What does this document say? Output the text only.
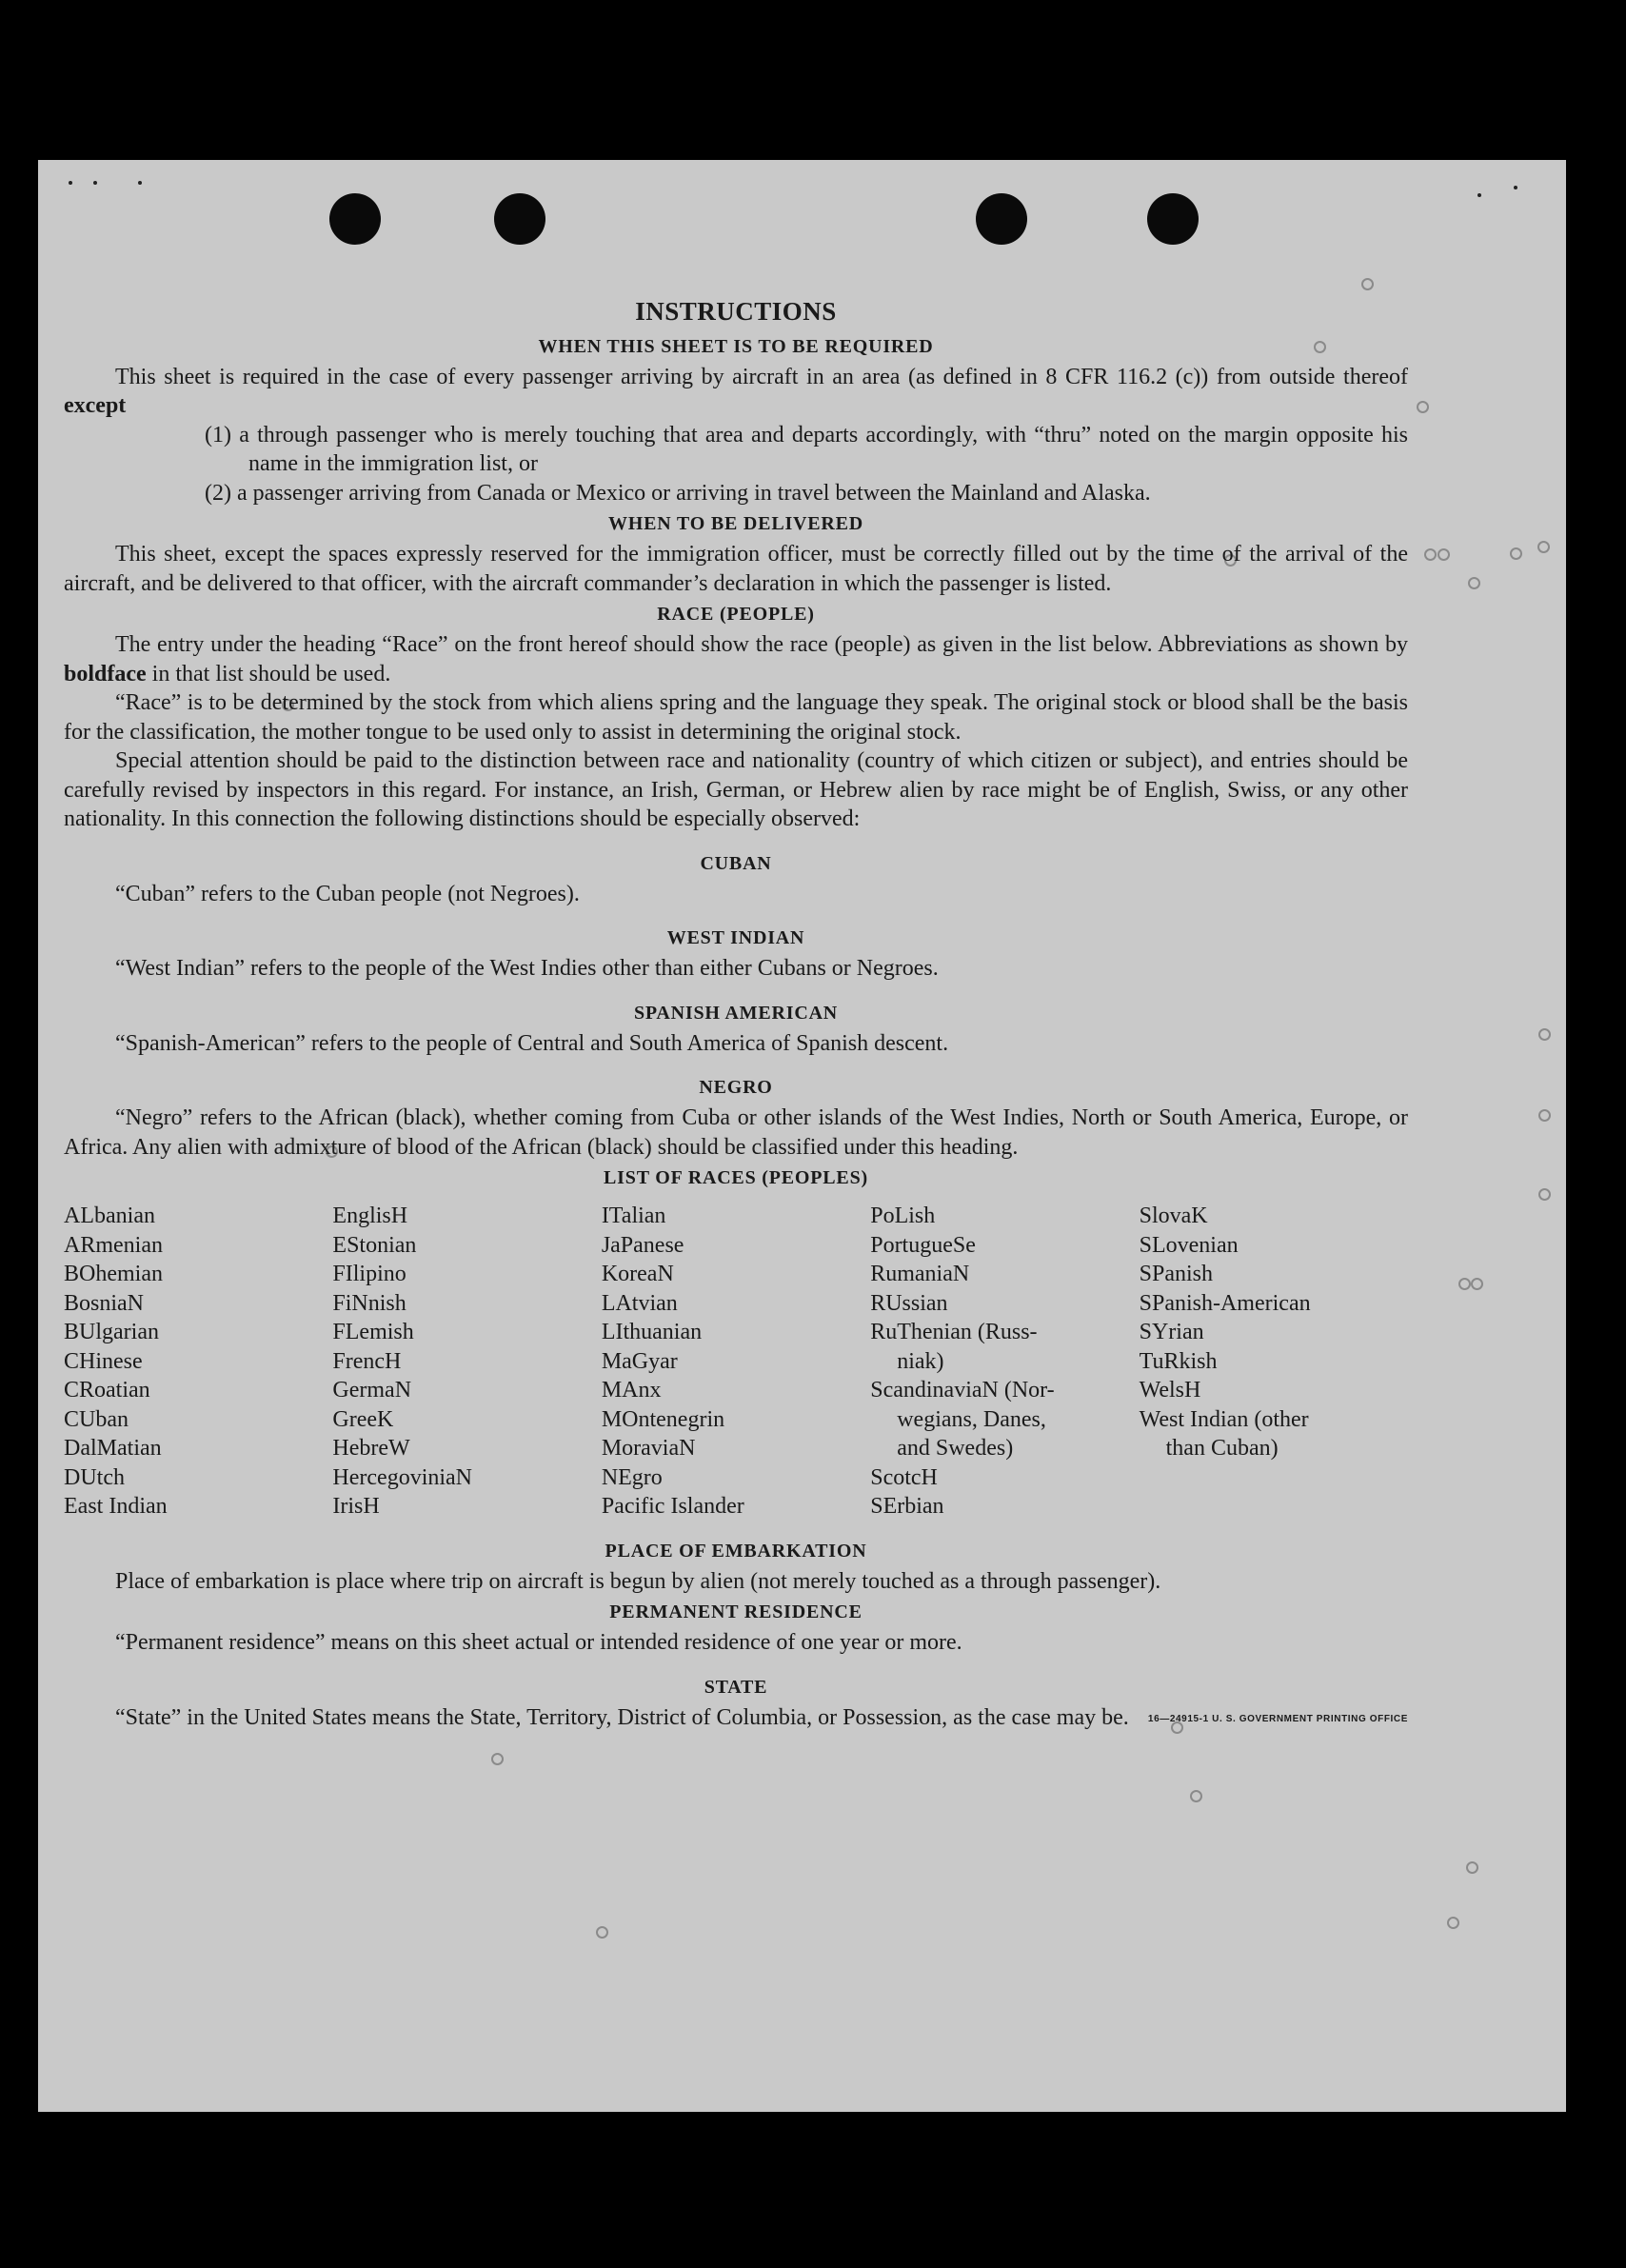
INSTRUCTIONS
WHEN THIS SHEET IS TO BE REQUIRED

This sheet is required in the case of every passenger arriving by aircraft in an area (as defined in 8 CFR 116.2 (c)) from outside thereof except

(1) a through passenger who is merely touching that area and departs accordingly, with “thru” noted on the margin opposite his name in the immigration list, or

(2) a passenger arriving from Canada or Mexico or arriving in travel between the Mainland and Alaska.

WHEN TO BE DELIVERED

This sheet, except the spaces expressly reserved for the immigration officer, must be correctly filled out by the time of the arrival of the aircraft, and be delivered to that officer, with the aircraft commander’s declaration in which the passenger is listed.

RACE (PEOPLE)

The entry under the heading “Race” on the front hereof should show the race (people) as given in the list below. Abbreviations as shown by boldface in that list should be used.

“Race” is to be determined by the stock from which aliens spring and the language they speak. The original stock or blood shall be the basis for the classification, the mother tongue to be used only to assist in determining the original stock.

Special attention should be paid to the distinction between race and nationality (country of which citizen or subject), and entries should be carefully revised by inspectors in this regard. For instance, an Irish, German, or Hebrew alien by race might be of English, Swiss, or any other nationality. In this connection the following distinctions should be especially observed:

CUBAN

“Cuban” refers to the Cuban people (not Negroes).

WEST INDIAN

“West Indian” refers to the people of the West Indies other than either Cubans or Negroes.

SPANISH AMERICAN

“Spanish-American” refers to the people of Central and South America of Spanish descent.

NEGRO

“Negro” refers to the African (black), whether coming from Cuba or other islands of the West Indies, North or South America, Europe, or Africa. Any alien with admixture of blood of the African (black) should be classified under this heading.

LIST OF RACES (PEOPLES)
ALbanian
ARmenian
BOhemian
BosniaN
BUlgarian
CHinese
CRoatian
CUban
DalMatian
DUtch
East Indian
EnglisH
EStonian
FIlipino
FiNnish
FLemish
FrencH
GermaN
GreeK
HebreW
HercegoviniaN
IrisH
ITalian
JaPanese
KoreaN
LAtvian
LIthuanian
MaGyar
MAnx
MOntenegrin
MoraviaN
NEgro
Pacific Islander
PoLish
PortugueSe
RumaniaN
RUssian
RuThenian (Russ-
niak)
ScandinaviaN (Nor-
wegians, Danes,
and Swedes)
ScotcH
SErbian
SlovaK
SLovenian
SPanish
SPanish-American
SYrian
TuRkish
WelsH
West Indian (other
than Cuban)
PLACE OF EMBARKATION

Place of embarkation is place where trip on aircraft is begun by alien (not merely touched as a through passenger).

PERMANENT RESIDENCE

“Permanent residence” means on this sheet actual or intended residence of one year or more.

STATE

“State” in the United States means the State, Territory, District of Columbia, or Possession, as the case may be.	16—24915-1 U. S. GOVERNMENT PRINTING OFFICE
